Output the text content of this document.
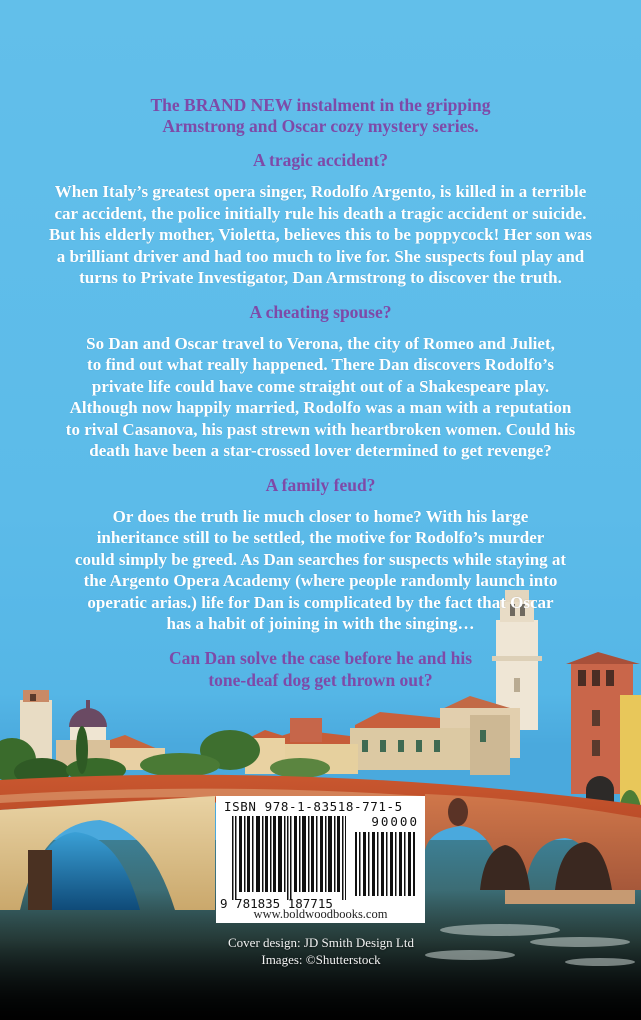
The BRAND NEW instalment in the gripping
Armstrong and Oscar cozy mystery series.
A tragic accident?
When Italy’s greatest opera singer, Rodolfo Argento, is killed in a terrible
car accident, the police initially rule his death a tragic accident or suicide.
But his elderly mother, Violetta, believes this to be poppycock! Her son was
a brilliant driver and had too much to live for. She suspects foul play and
turns to Private Investigator, Dan Armstrong to discover the truth.
A cheating spouse?
So Dan and Oscar travel to Verona, the city of Romeo and Juliet,
to find out what really happened. There Dan discovers Rodolfo’s
private life could have come straight out of a Shakespeare play.
Although now happily married, Rodolfo was a man with a reputation
to rival Casanova, his past strewn with heartbroken women. Could his
death have been a star-crossed lover determined to get revenge?
A family feud?
Or does the truth lie much closer to home? With his large
inheritance still to be settled, the motive for Rodolfo’s murder
could simply be greed. As Dan searches for suspects while staying at
the Argento Opera Academy (where people randomly launch into
operatic arias.) life for Dan is complicated by the fact that Oscar
has a habit of joining in with the singing…
Can Dan solve the case before he and his
tone-deaf dog get thrown out?
ISBN 978-1-83518-771-5
90000
9 781835 187715
www.boldwoodbooks.com
Cover design: JD Smith Design Ltd
Images: ©Shutterstock
